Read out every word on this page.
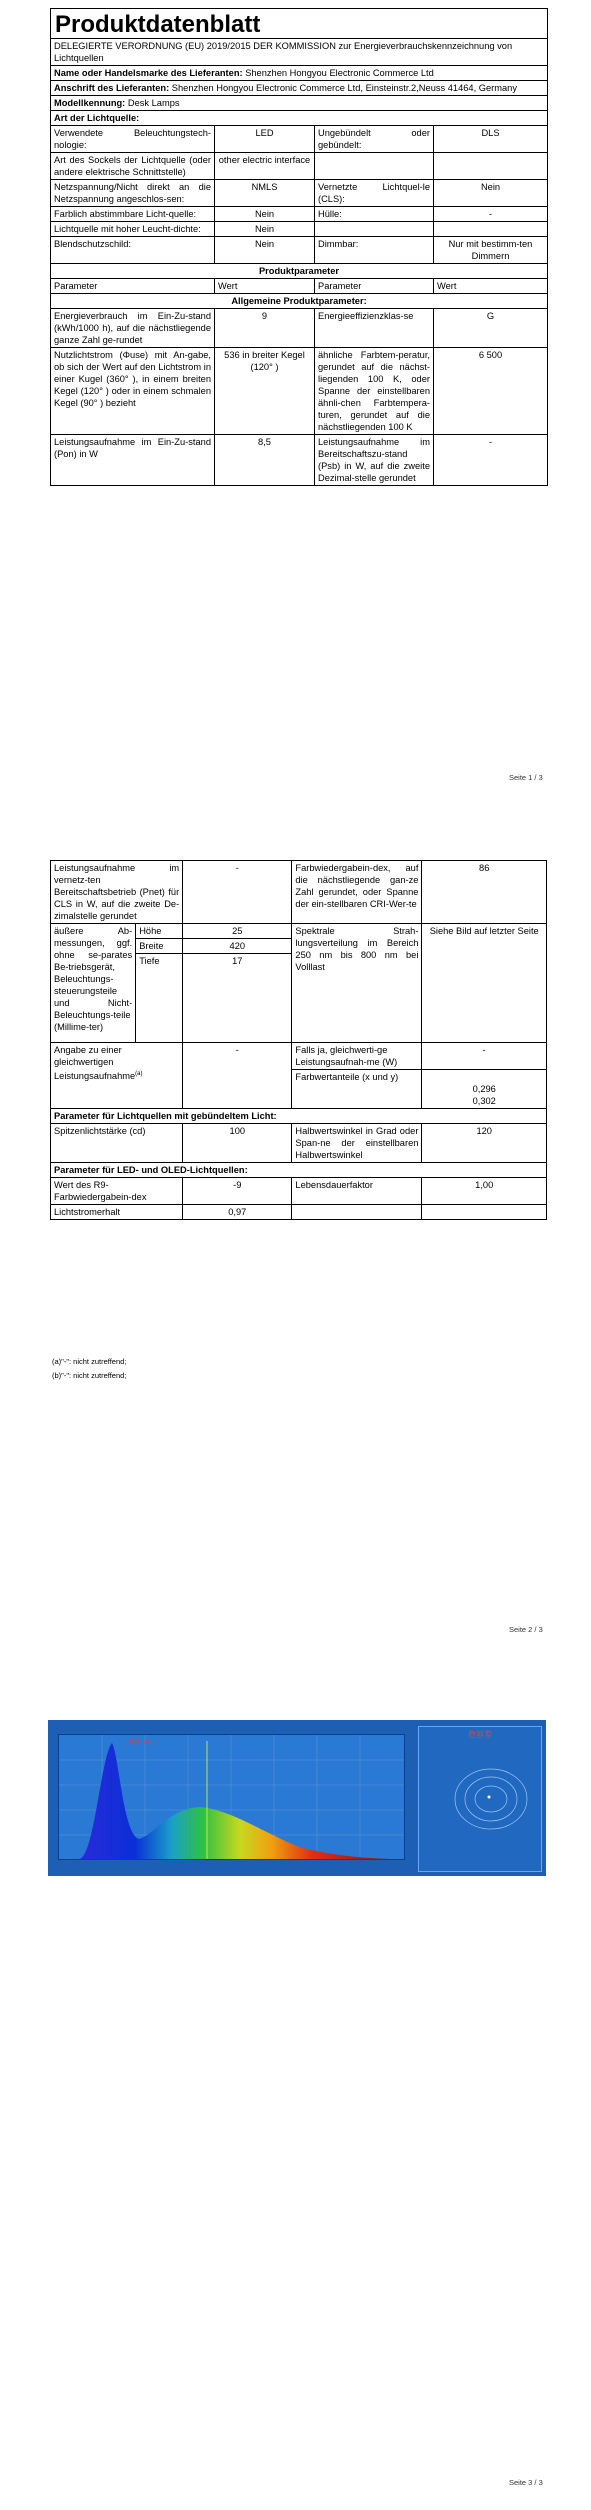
Produktdatenblatt
DELEGIERTE VERORDNUNG (EU) 2019/2015 DER KOMMISSION zur Energieverbrauchskennzeichnung von Lichtquellen			
Name oder Handelsmarke des Lieferanten: Shenzhen Hongyou Electronic Commerce Ltd			
Anschrift des Lieferanten: Shenzhen Hongyou Electronic Commerce Ltd, Einsteinstr.2,Neuss 41464, Germany			
Modellkennung: Desk Lamps			
Art der Lichtquelle:			
Verwendete Beleuchtungstech-nologie:	LED	Ungebündelt oder gebündelt:	DLS
Art des Sockels der Lichtquelle (oder andere elektrische Schnittstelle)	other electric interface		
Netzspannung/Nicht direkt an die Netzspannung angeschlos-sen:	NMLS	Vernetzte Lichtquel-le (CLS):	Nein
Farblich abstimmbare Licht-quelle:	Nein	Hülle:	-
Lichtquelle mit hoher Leucht-dichte:	Nein		
Blendschutzschild:	Nein	Dimmbar:	Nur mit bestimm-ten Dimmern
Produktparameter			
Parameter	Wert	Parameter	Wert
Allgemeine Produktparameter:			
Energieverbrauch im Ein-Zu-stand (kWh/1000 h), auf die nächstliegende ganze Zahl ge-rundet	9	Energieeffizienzklas-se	G
Nutzlichtstrom (Φuse) mit An-gabe, ob sich der Wert auf den Lichtstrom in einer Kugel (360° ), in einem breiten Kegel (120° ) oder in einem schmalen Kegel (90° ) bezieht	536 in breiter Kegel (120° )	ähnliche Farbtem-peratur, gerundet auf die nächst-liegenden 100 K, oder Spanne der einstellbaren ähnli-chen Farbtempera-turen, gerundet auf die nächstliegenden 100 K	6 500
Leistungsaufnahme im Ein-Zu-stand (Pon) in W	8,5	Leistungsaufnahme im Bereitschaftszu-stand (Psb) in W, auf die zweite Dezimal-stelle gerundet	-
Seite 1 / 3
Leistungsaufnahme im vernetz-ten Bereitschaftsbetrieb (Pnet) für CLS in W, auf die zweite De-zimalstelle gerundet		-	Farbwiedergabein-dex, auf die nächstliegende gan-ze Zahl gerundet, oder Spanne der ein-stellbaren CRI-Wer-te	86
äußere Ab-messungen, ggf. ohne se-parates Be-triebsgerät, Beleuchtungs-steuerungsteile und Nicht-Beleuchtungs-teile (Millime-ter)	Höhe	25	Spektrale Strah-lungsverteilung im Bereich 250 nm bis 800 nm bei Volllast	Siehe Bild auf letzter Seite
	Breite	420		
	Tiefe	17		
Angabe zu einer gleichwertigen Leistungsaufnahme$^{(a)}$		-	Falls ja, gleichwerti-ge Leistungsaufnah-me (W)	-
			Farbwertanteile (x und y)	0,296
0,302
Parameter für Lichtquellen mit gebündeltem Licht:				
Spitzenlichtstärke (cd)		100	Halbwertswinkel in Grad oder Span-ne der einstellbaren Halbwertswinkel	120
Parameter für LED- und OLED-Lichtquellen:				
Wert des R9-Farbwiedergabein-dex		-9	Lebensdauerfaktor	1,00
Lichtstromerhalt		0,97		
(a)"-": nicht zutreffend;
(b)"-": nicht zutreffend;
Seite 2 / 3
峰值 443
色容差
Seite 3 / 3
